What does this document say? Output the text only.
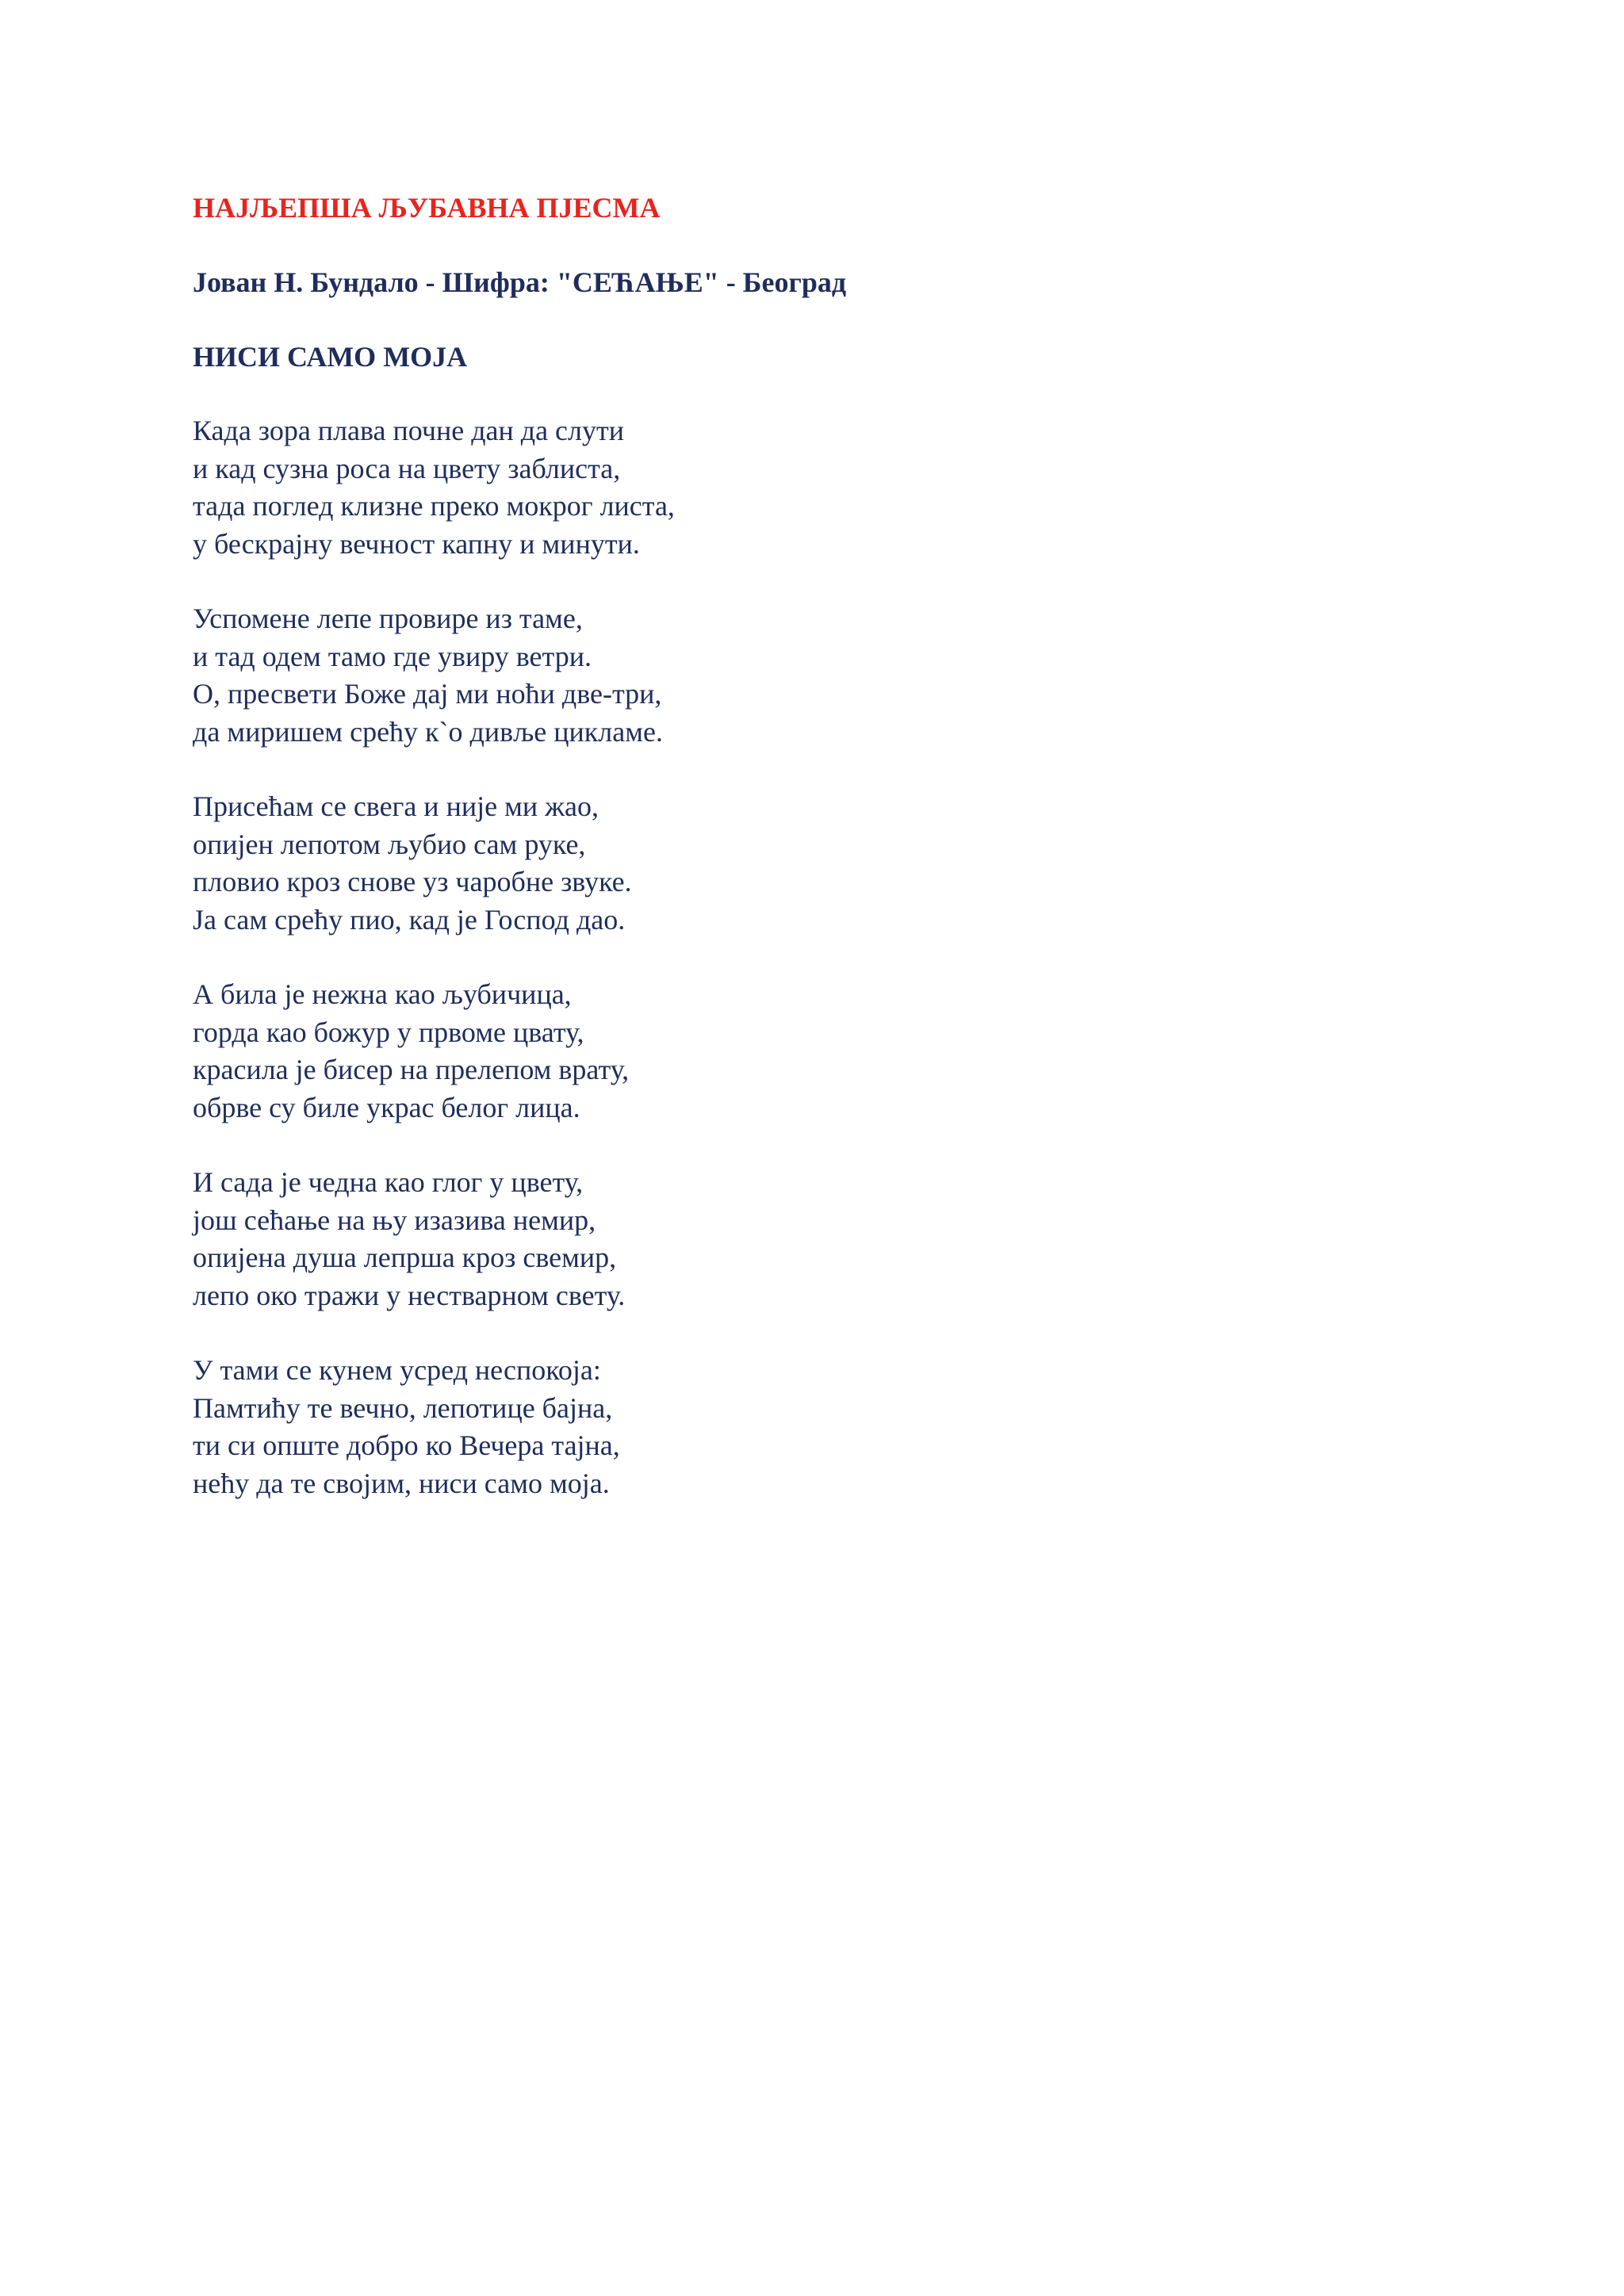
НАЈЉЕПША ЉУБАВНА ПЈЕСМА
Јован Н. Бундало - Шифра: "СЕЋАЊЕ" - Београд
НИСИ САМО МОЈА
Када зора плава почне дан да слути
и кад сузна роса на цвету заблиста,
тада поглед клизне преко мокрог листа,
у бескрајну вечност капну и минути.
Успомене лепе провире из таме,
и тад одем тамо где увиру ветри.
О, пресвети Боже дај ми ноћи две-три,
да миришем срећу к`о дивље цикламе.
Присећам се свега и није ми жао,
опијен лепотом љубио сам руке,
пловио кроз снове уз чаробне звуке.
Ја сам срећу пио, кад је Господ дао.
А била је нежна као љубичица,
горда као божур у првоме цвату,
красила је бисер на прелепом врату,
обрве су биле украс белог лица.
И сада је чедна као глог у цвету,
још сећање на њу изазива немир,
опијена душа лепрша кроз свемир,
лепо око тражи у нестварном свету.
У тами се кунем усред неспокоја:
Памтићу те вечно, лепотице бајна,
ти си опште добро ко Вечера тајна,
нећу да те својим, ниси само моја.
